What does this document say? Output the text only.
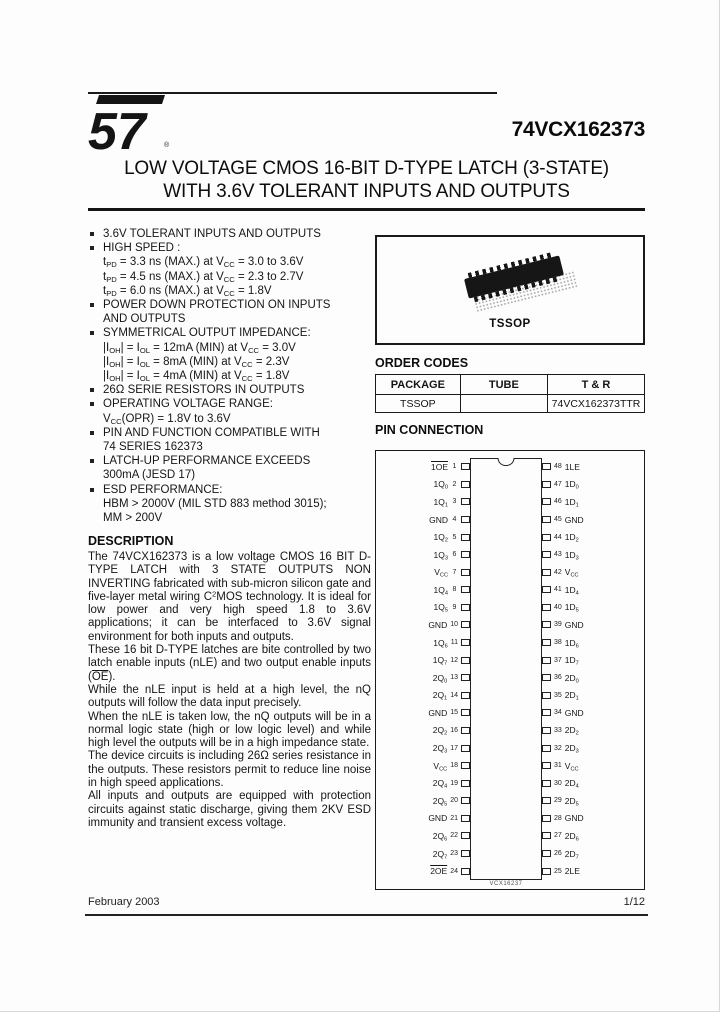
57	®
74VCX162373
LOW VOLTAGE CMOS 16-BIT D-TYPE LATCH (3-STATE)
WITH 3.6V TOLERANT INPUTS AND OUTPUTS
3.6V TOLERANT INPUTS AND OUTPUTS
HIGH SPEED :
$t_{PD} = 3.3$ ns (MAX.) at $V_{CC} = 3.0$ to 3.6V
$t_{PD} = 4.5$ ns (MAX.) at $V_{CC} = 2.3$ to 2.7V
$t_{PD} = 6.0$ ns (MAX.) at $V_{CC} = 1.8V$
POWER DOWN PROTECTION ON INPUTS
AND OUTPUTS
SYMMETRICAL OUTPUT IMPEDANCE:
$|I_{OH}| = I_{OL} = 12mA$ (MIN) at $V_{CC} = 3.0V$
$|I_{OH}| = I_{OL} = 8mA$ (MIN) at $V_{CC} = 2.3V$
$|I_{OH}| = I_{OL} = 4mA$ (MIN) at $V_{CC} = 1.8V$
26Ω SERIE RESISTORS IN OUTPUTS
OPERATING VOLTAGE RANGE:
$V_{CC}(OPR) = 1.8V$ to 3.6V
PIN AND FUNCTION COMPATIBLE WITH
74 SERIES 162373
LATCH-UP PERFORMANCE EXCEEDS
300mA (JESD 17)
ESD PERFORMANCE:
HBM > 2000V (MIL STD 883 method 3015);
MM > 200V
DESCRIPTION

The 74VCX162373 is a low voltage CMOS 16 BIT D-TYPE LATCH with 3 STATE OUTPUTS NON INVERTING fabricated with sub-micron silicon gate and five-layer metal wiring $C^2MOS$ technology. It is ideal for low power and very high speed 1.8 to 3.6V applications; it can be interfaced to 3.6V signal environment for both inputs and outputs.

These 16 bit D-TYPE latches are bite controlled by two latch enable inputs (nLE) and two output enable inputs $(\overline{OE})$.

While the nLE input is held at a high level, the nQ outputs will follow the data input precisely.

When the nLE is taken low, the nQ outputs will be in a normal logic state (high or low logic level) and while high level the outputs will be in a high impedance state.

The device circuits is including 26Ω series resistance in the outputs. These resistors permit to reduce line noise in high speed applications.

All inputs and outputs are equipped with protection circuits against static discharge, giving them 2KV ESD immunity and transient excess voltage.

TSSOP
ORDER CODES
PACKAGE	TUBE	T & R
TSSOP		74VCX162373TTR
PIN CONNECTION
1OE 1
$1Q_0$ 2
$1Q_1$ 3
GND 4
$1Q_2$ 5
$1Q_3$ 6
$V_{CC}$ 7
$1Q_4$ 8
$1Q_5$ 9
GND 10
$1Q_6$ 11
$1Q_7$ 12
$2Q_0$ 13
$2Q_1$ 14
GND 15
$2Q_2$ 16
$2Q_3$ 17
$V_{CC}$ 18
$2Q_4$ 19
$2Q_5$ 20
GND 21
$2Q_6$ 22
$2Q_7$ 23
2OE 24
48 1LE
47 $1D_0$
46 $1D_1$
45 GND
44 $1D_2$
43 $1D_3$
42 $V_{CC}$
41 $1D_4$
40 $1D_5$
39 GND
38 $1D_6$
37 $1D_7$
36 $2D_0$
35 $2D_1$
34 GND
33 $2D_2$
32 $2D_3$
31 $V_{CC}$
30 $2D_4$
29 $2D_5$
28 GND
27 $2D_6$
26 $2D_7$
25 2LE
VCX16237
February 2003	1/12
